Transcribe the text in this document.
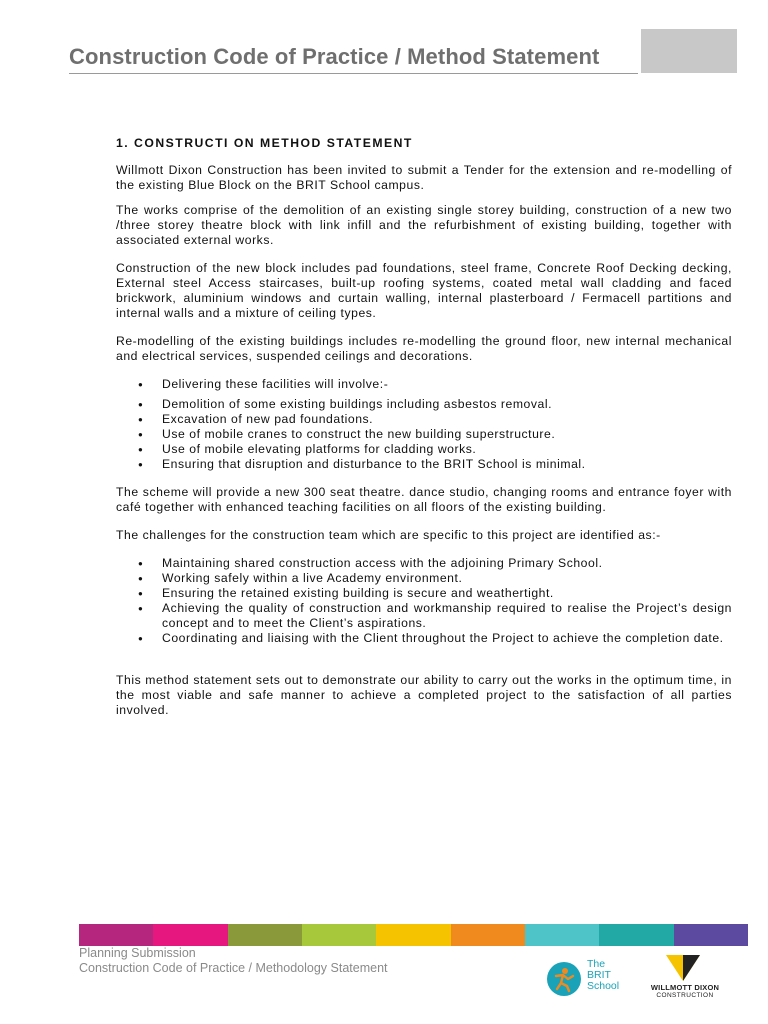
Construction Code of Practice / Method Statement
1. CONSTRUCTI ON METHOD STATEMENT

Willmott Dixon Construction has been invited to submit a Tender for the extension and re-modelling of the existing Blue Block on the BRIT School campus.

The works comprise of the demolition of an existing single storey building, construction of a new two /three storey theatre block with link infill and the refurbishment of existing building, together with associated external works.

Construction of the new block includes pad foundations, steel frame, Concrete Roof Decking decking, External steel Access staircases, built-up roofing systems, coated metal wall cladding and faced brickwork, aluminium windows and curtain walling, internal plasterboard / Fermacell partitions and internal walls and a mixture of ceiling types.

Re-modelling of the existing buildings includes re-modelling the ground floor, new internal mechanical and electrical services, suspended ceilings and decorations.

● Delivering these facilities will involve:-
● Demolition of some existing buildings including asbestos removal.
● Excavation of new pad foundations.
● Use of mobile cranes to construct the new building superstructure.
● Use of mobile elevating platforms for cladding works.
● Ensuring that disruption and disturbance to the BRIT School is minimal.

The scheme will provide a new 300 seat theatre. dance studio, changing rooms and entrance foyer with café together with enhanced teaching facilities on all floors of the existing building.

The challenges for the construction team which are specific to this project are identified as:-

● Maintaining shared construction access with the adjoining Primary School.
● Working safely within a live Academy environment.
● Ensuring the retained existing building is secure and weathertight.
● Achieving the quality of construction and workmanship required to realise the Project’s design concept and to meet the Client’s aspirations.
● Coordinating and liaising with the Client throughout the Project to achieve the completion date.

This method statement sets out to demonstrate our ability to carry out the works in the optimum time, in the most viable and safe manner to achieve a completed project to the satisfaction of all parties involved.

Planning Submission
Construction Code of Practice / Methodology Statement	The
BRIT
School	WILLMOTT DIXON
CONSTRUCTION
